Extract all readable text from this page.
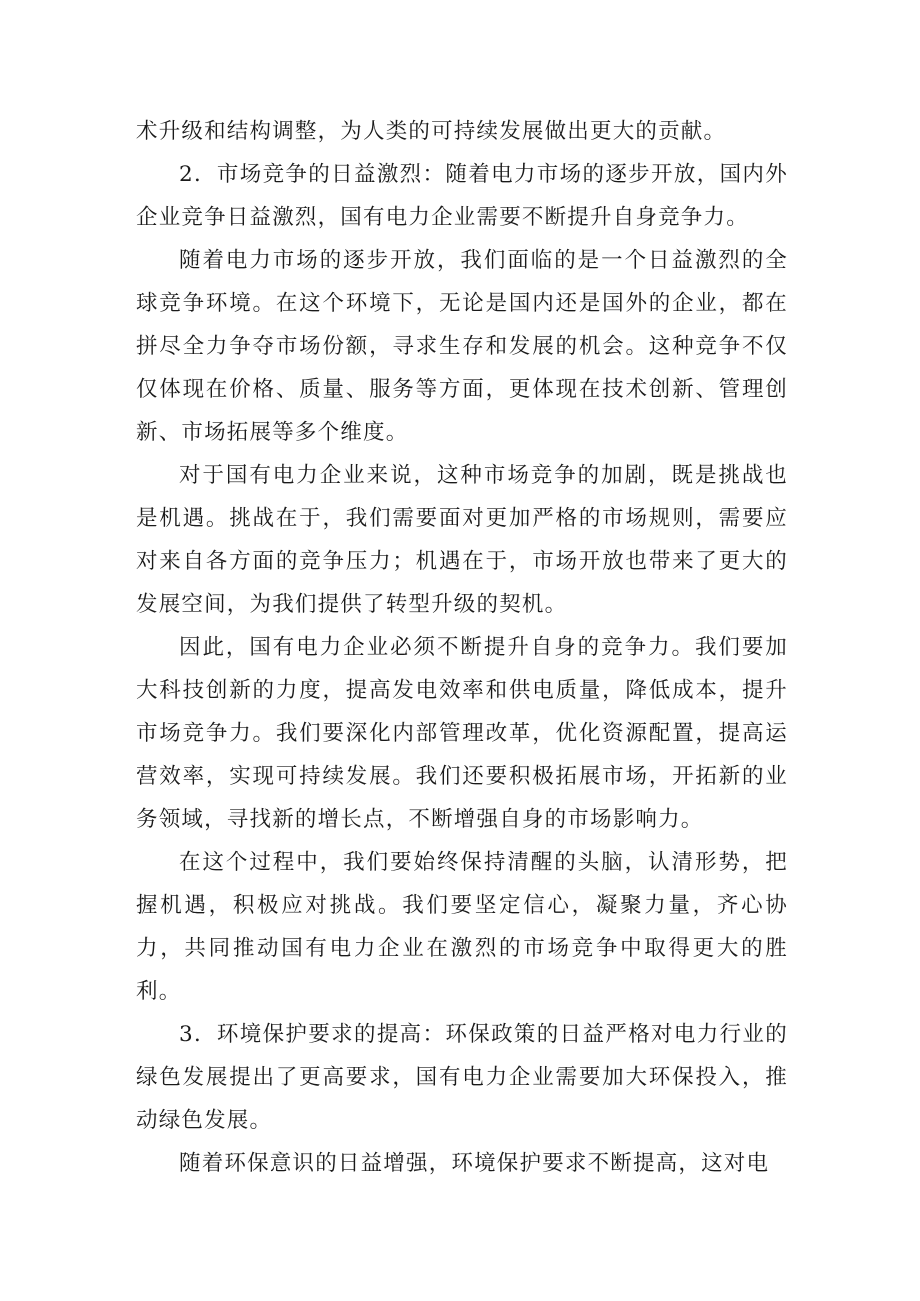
术升级和结构调整，为人类的可持续发展做出更大的贡献。

2．市场竞争的日益激烈：随着电力市场的逐步开放，国内外企业竞争日益激烈，国有电力企业需要不断提升自身竞争力。

随着电力市场的逐步开放，我们面临的是一个日益激烈的全球竞争环境。在这个环境下，无论是国内还是国外的企业，都在拼尽全力争夺市场份额，寻求生存和发展的机会。这种竞争不仅仅体现在价格、质量、服务等方面，更体现在技术创新、管理创新、市场拓展等多个维度。

对于国有电力企业来说，这种市场竞争的加剧，既是挑战也是机遇。挑战在于，我们需要面对更加严格的市场规则，需要应对来自各方面的竞争压力；机遇在于，市场开放也带来了更大的发展空间，为我们提供了转型升级的契机。

因此，国有电力企业必须不断提升自身的竞争力。我们要加大科技创新的力度，提高发电效率和供电质量，降低成本，提升市场竞争力。我们要深化内部管理改革，优化资源配置，提高运营效率，实现可持续发展。我们还要积极拓展市场，开拓新的业务领域，寻找新的增长点，不断增强自身的市场影响力。

在这个过程中，我们要始终保持清醒的头脑，认清形势，把握机遇，积极应对挑战。我们要坚定信心，凝聚力量，齐心协力，共同推动国有电力企业在激烈的市场竞争中取得更大的胜利。

3．环境保护要求的提高：环保政策的日益严格对电力行业的绿色发展提出了更高要求，国有电力企业需要加大环保投入，推动绿色发展。

随着环保意识的日益增强，环境保护要求不断提高，这对电
